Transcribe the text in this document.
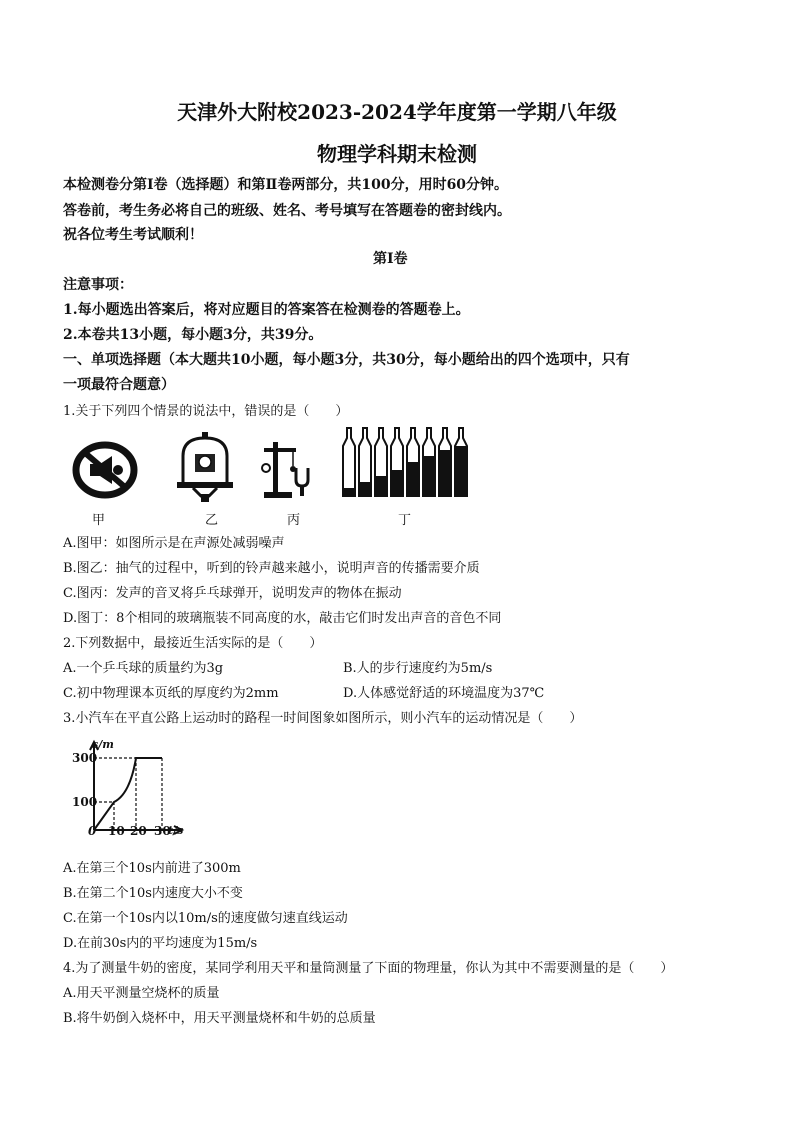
天津外大附校2023-2024学年度第一学期八年级
物理学科期末检测
本检测卷分第Ⅰ卷（选择题）和第Ⅱ卷两部分，共100分，用时60分钟。
答卷前，考生务必将自己的班级、姓名、考号填写在答题卷的密封线内。
祝各位考生考试顺利！
第Ⅰ卷
注意事项：
1.每小题选出答案后，将对应题目的答案答在检测卷的答题卷上。
2.本卷共13小题，每小题3分，共39分。
一、单项选择题（本大题共10小题，每小题3分，共30分，每小题给出的四个选项中，只有
一项最符合题意）
1.关于下列四个情景的说法中，错误的是（　　）
甲	乙	丙	丁
A.图甲：如图所示是在声源处减弱噪声
B.图乙：抽气的过程中，听到的铃声越来越小，说明声音的传播需要介质
C.图丙：发声的音叉将乒乓球弹开，说明发声的物体在振动
D.图丁：8个相同的玻璃瓶装不同高度的水，敲击它们时发出声音的音色不同
2.下列数据中，最接近生活实际的是（　　）
A.一个乒乓球的质量约为3g	B.人的步行速度约为5m/s
C.初中物理课本页纸的厚度约为2mm	D.人体感觉舒适的环境温度为37℃
3.小汽车在平直公路上运动时的路程一时间图象如图所示，则小汽车的运动情况是（　　）
s/m
300
100
0 10 20 30
t/s
A.在第三个10s内前进了300m
B.在第二个10s内速度大小不变
C.在第一个10s内以10m/s的速度做匀速直线运动
D.在前30s内的平均速度为15m/s
4.为了测量牛奶的密度，某同学利用天平和量筒测量了下面的物理量，你认为其中不需要测量的是（　　）
A.用天平测量空烧杯的质量
B.将牛奶倒入烧杯中，用天平测量烧杯和牛奶的总质量
